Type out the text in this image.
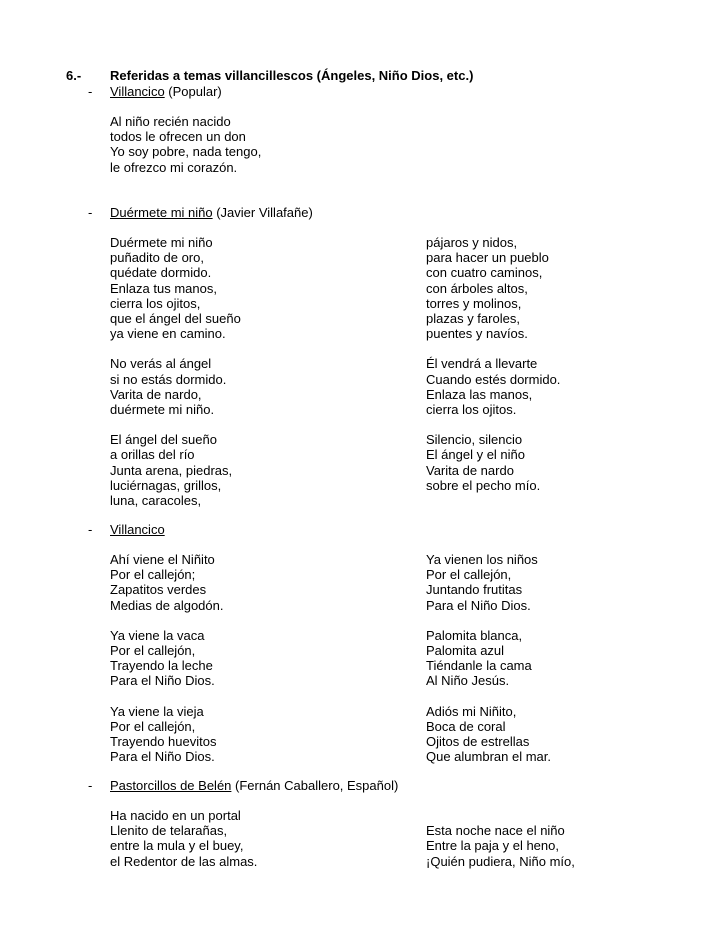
6.- Referidas a temas villancillescos (Ángeles, Niño Dios, etc.)
- Villancico (Popular)
Al niño recién nacido
todos le ofrecen un don
Yo soy pobre, nada tengo,
le ofrezco mi corazón.
- Duérmete mi niño (Javier Villafañe)
Duérmete mi niño
puñadito de oro,
quédate dormido.
Enlaza tus manos,
cierra los ojitos,
que el ángel del sueño
ya viene en camino.
No verás al ángel
si no estás dormido.
Varita de nardo,
duérmete mi niño.
El ángel del sueño
a orillas del río
Junta arena, piedras,
luciérnagas, grillos,
luna, caracoles,
pájaros y nidos,
para hacer un pueblo
con cuatro caminos,
con árboles altos,
torres y molinos,
plazas y faroles,
puentes y navíos.
Él vendrá a llevarte
Cuando estés dormido.
Enlaza las manos,
cierra los ojitos.
Silencio, silencio
El ángel y el niño
Varita de nardo
sobre el pecho mío.
- Villancico
Ahí viene el Niñito
Por el callejón;
Zapatitos verdes
Medias de algodón.
Ya viene la vaca
Por el callejón,
Trayendo la leche
Para el Niño Dios.
Ya viene la vieja
Por el callejón,
Trayendo huevitos
Para el Niño Dios.
Ya vienen los niños
Por el callejón,
Juntando frutitas
Para el Niño Dios.
Palomita blanca,
Palomita azul
Tiéndanle la cama
Al Niño Jesús.
Adiós mi Niñito,
Boca de coral
Ojitos de estrellas
Que alumbran el mar.
- Pastorcillos de Belén (Fernán Caballero, Español)
Ha nacido en un portal
Llenito de telarañas,
entre la mula y el buey,
el Redentor de las almas.
Esta noche nace el niño
Entre la paja y el heno,
¡Quién pudiera, Niño mío,
